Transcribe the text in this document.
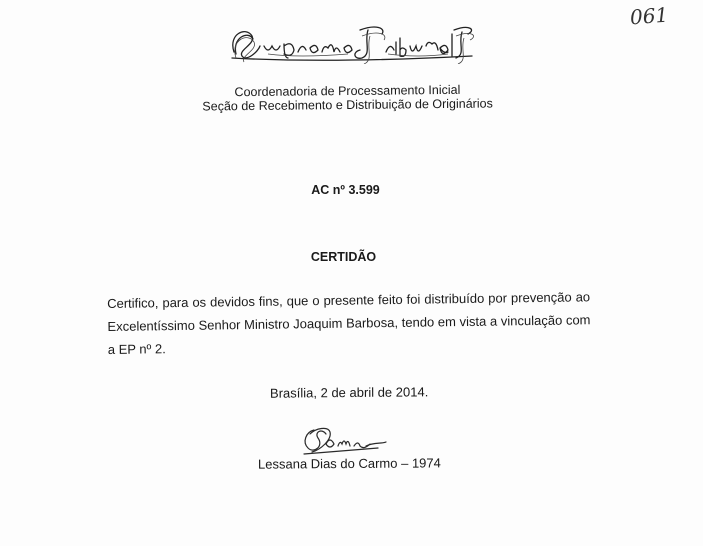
061
Coordenadoria de Processamento Inicial
Seção de Recebimento e Distribuição de Originários
AC nº 3.599
CERTIDÃO
Certifico, para os devidos fins, que o presente feito foi distribuído por prevenção ao Excelentíssimo Senhor Ministro Joaquim Barbosa, tendo em vista a vinculação com a EP nº 2.
Brasília, 2 de abril de 2014.
Lessana Dias do Carmo – 1974
